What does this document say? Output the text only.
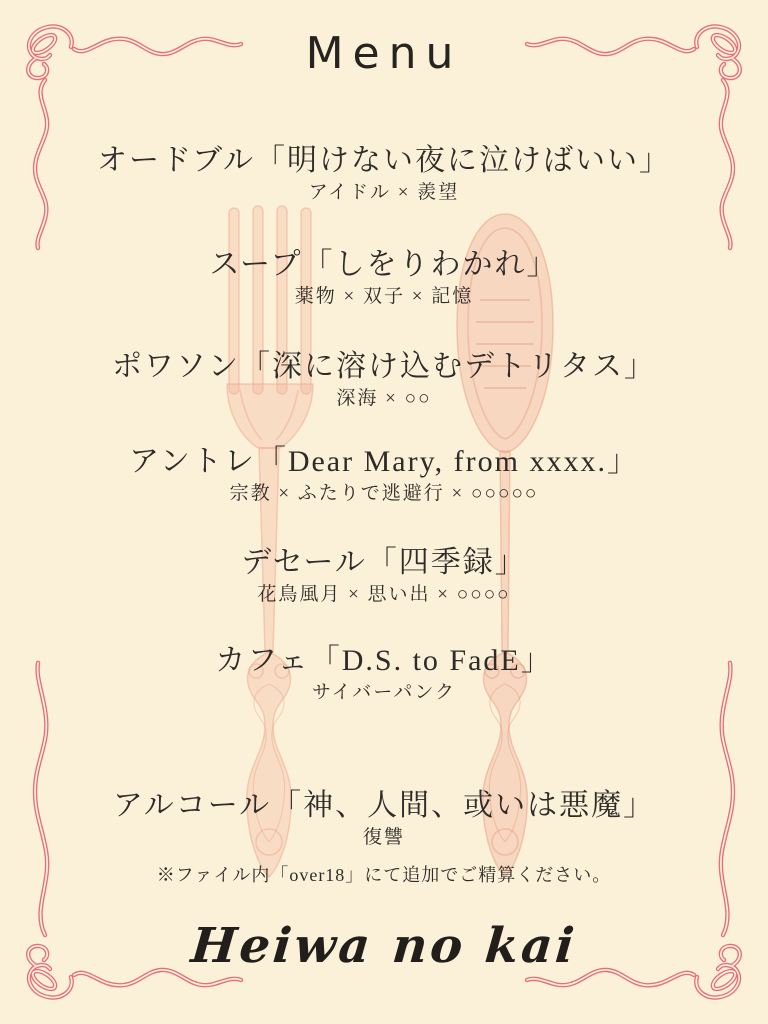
Menu
オードブル「明けない夜に泣けばいい」
アイドル × 羨望
スープ「しをりわかれ」
薬物 × 双子 × 記憶
ポワソン「深に溶け込むデトリタス」
深海 × ○○
アントレ「Dear Mary, from xxxx.」
宗教 × ふたりで逃避行 × ○○○○○
デセール「四季録」
花鳥風月 × 思い出 × ○○○○
カフェ「D.S. to FadE」
サイバーパンク
アルコール「神、人間、或いは悪魔」
復讐
※ファイル内「over18」にて追加でご精算ください。
Heiwa no kai
